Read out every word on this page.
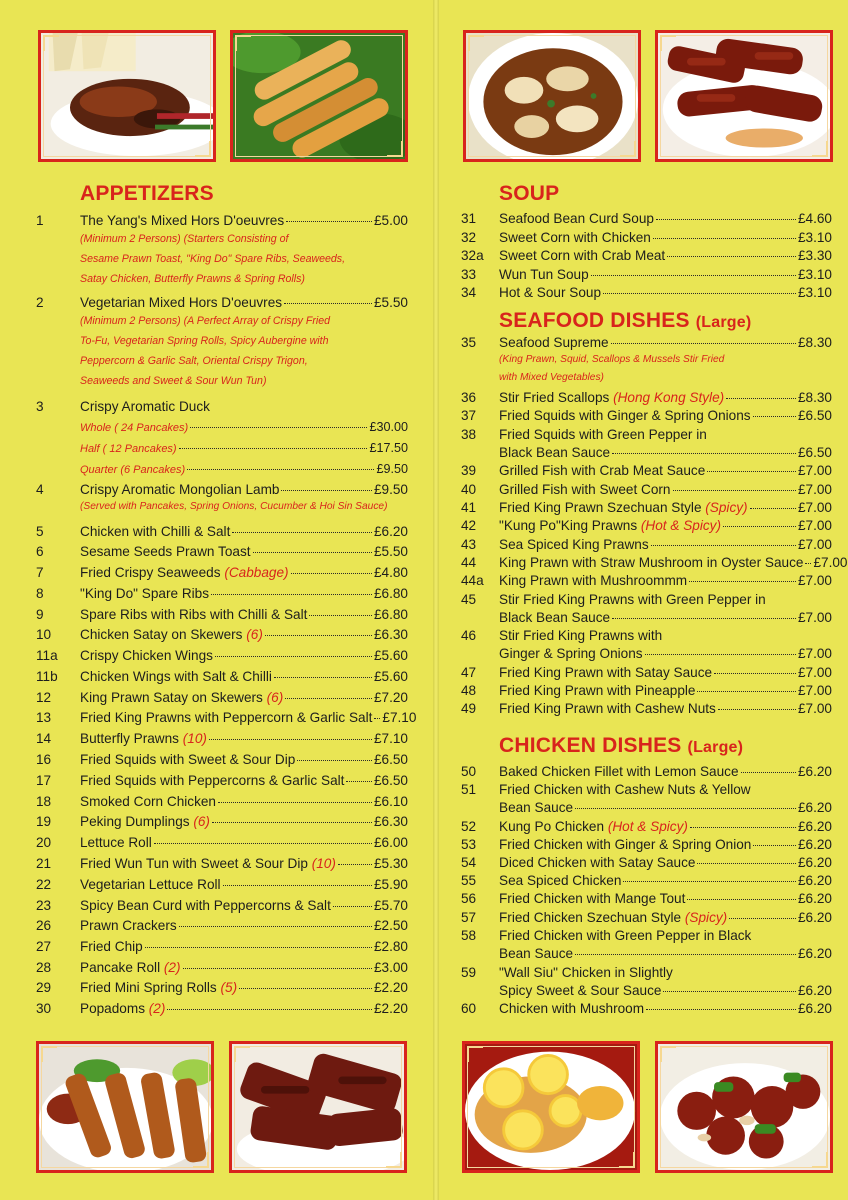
APPETIZERS	SOUP
SEAFOOD DISHES (Large)
CHICKEN DISHES (Large)
1	The Yang's Mixed Hors D'oeuvres	£5.00
(Minimum 2 Persons) (Starters Consisting of
Sesame Prawn Toast, "King Do" Spare Ribs, Seaweeds,
Satay Chicken, Butterfly Prawns & Spring Rolls)
2	Vegetarian Mixed Hors D'oeuvres	£5.50
(Minimum 2 Persons) (A Perfect Array of Crispy Fried
To-Fu, Vegetarian Spring Rolls, Spicy Aubergine with
Peppercorn & Garlic Salt, Oriental Crispy Trigon,
Seaweeds and Sweet & Sour Wun Tun)
3	Crispy Aromatic Duck
Whole ( 24 Pancakes)	£30.00
Half ( 12 Pancakes)	£17.50
Quarter (6 Pancakes)	£9.50
4	Crispy Aromatic Mongolian Lamb	£9.50
(Served with Pancakes, Spring Onions, Cucumber & Hoi Sin Sauce)
5	Chicken with Chilli & Salt	£6.20
6	Sesame Seeds Prawn Toast	£5.50
7	Fried Crispy Seaweeds (Cabbage)	£4.80
8	"King Do" Spare Ribs	£6.80
9	Spare Ribs with Ribs with Chilli & Salt	£6.80
10 Chicken Satay on Skewers (6)	£6.30
11a Crispy Chicken Wings	£5.60
11b Chicken Wings with Salt & Chilli	£5.60
12 King Prawn Satay on Skewers (6)	£7.20
13 Fried King Prawns with Peppercorn & Garlic Salt £7.10
14 Butterfly Prawns (10)	£7.10
16 Fried Squids with Sweet & Sour Dip	£6.50
17 Fried Squids with Peppercorns & Garlic Salt £6.50
18 Smoked Corn Chicken	£6.10
19 Peking Dumplings (6)	£6.30
20 Lettuce Roll	£6.00
21 Fried Wun Tun with Sweet & Sour Dip (10)	£5.30
22 Vegetarian Lettuce Roll	£5.90
23 Spicy Bean Curd with Peppercorns & Salt	£5.70
26 Prawn Crackers	£2.50
27 Fried Chip	£2.80
28 Pancake Roll (2)	£3.00
29 Fried Mini Spring Rolls (5)	£2.20
30 Popadoms (2)	£2.20
31 Seafood Bean Curd Soup	£4.60
32 Sweet Corn with Chicken	£3.10
32a Sweet Corn with Crab Meat	£3.30
33 Wun Tun Soup	£3.10
34 Hot & Sour Soup	£3.10
35 Seafood Supreme	£8.30
(King Prawn, Squid, Scallops & Mussels Stir Fried
with Mixed Vegetables)
36 Stir Fried Scallops (Hong Kong Style)	£8.30
37 Fried Squids with Ginger & Spring Onions	£6.50
38 Fried Squids with Green Pepper in
Black Bean Sauce	£6.50
39 Grilled Fish with Crab Meat Sauce	£7.00
40 Grilled Fish with Sweet Corn	£7.00
41 Fried King Prawn Szechuan Style (Spicy)	£7.00
42 "Kung Po"King Prawns (Hot & Spicy)	£7.00
43 Sea Spiced King Prawns	£7.00
44 King Prawn with Straw Mushroom in Oyster Sauce £7.00
44a King Prawn with Mushroommm	£7.00
45 Stir Fried King Prawns with Green Pepper in
Black Bean Sauce	£7.00
46 Stir Fried King Prawns with
Ginger & Spring Onions	£7.00
47 Fried King Prawn with Satay Sauce	£7.00
48 Fried King Prawn with Pineapple	£7.00
49 Fried King Prawn with Cashew Nuts	£7.00
50 Baked Chicken Fillet with Lemon Sauce	£6.20
51 Fried Chicken with Cashew Nuts & Yellow
Bean Sauce	£6.20
52 Kung Po Chicken (Hot & Spicy)	£6.20
53 Fried Chicken with Ginger & Spring Onion	£6.20
54 Diced Chicken with Satay Sauce	£6.20
55 Sea Spiced Chicken	£6.20
56 Fried Chicken with Mange Tout	£6.20
57 Fried Chicken Szechuan Style (Spicy)	£6.20
58 Fried Chicken with Green Pepper in Black
Bean Sauce	£6.20
59 "Wall Siu" Chicken in Slightly
Spicy Sweet & Sour Sauce	£6.20
60 Chicken with Mushroom	£6.20
